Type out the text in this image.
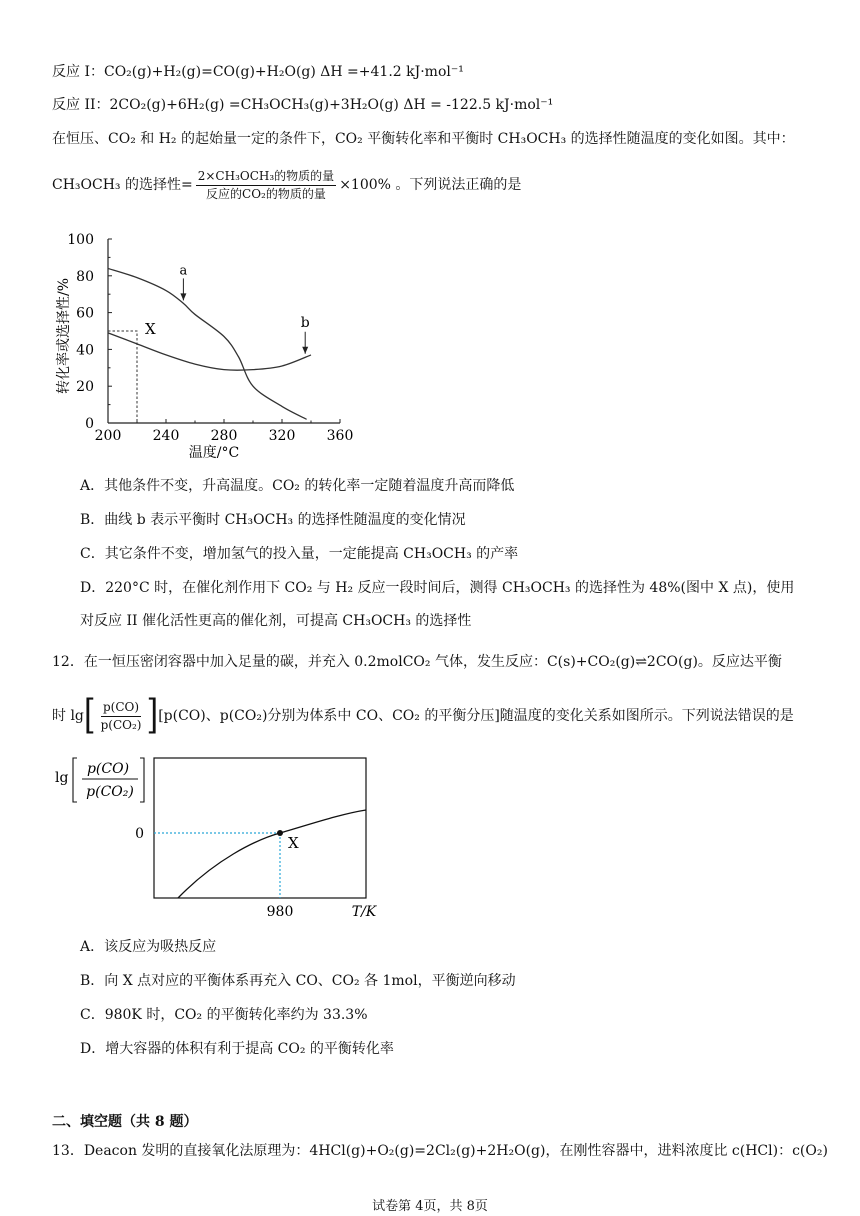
反应 I：CO₂(g)+H₂(g)=CO(g)+H₂O(g) ΔH =+41.2 kJ·mol⁻¹
反应 II：2CO₂(g)+6H₂(g) =CH₃OCH₃(g)+3H₂O(g) ΔH = -122.5 kJ·mol⁻¹
在恒压、CO₂ 和 H₂ 的起始量一定的条件下，CO₂ 平衡转化率和平衡时 CH₃OCH₃ 的选择性随温度的变化如图。其中：
CH₃OCH₃ 的选择性= $\frac{\text{2×CH₃OCH₃的物质的量}}{\text{反应的CO₂的物质的量}} \times 100\%$ 。下列说法正确的是
200 240 280 320 360
0
20
40
60
80
100
温度/°C
转化率或选择性/%
a
b
X
A．其他条件不变，升高温度。CO₂ 的转化率一定随着温度升高而降低
B．曲线 b 表示平衡时 CH₃OCH₃ 的选择性随温度的变化情况
C．其它条件不变，增加氢气的投入量，一定能提高 CH₃OCH₃ 的产率
D．220°C 时，在催化剂作用下 CO₂ 与 H₂ 反应一段时间后，测得 CH₃OCH₃ 的选择性为 48%(图中 X 点)，使用
对反应 II 催化活性更高的催化剂，可提高 CH₃OCH₃ 的选择性
12．在一恒压密闭容器中加入足量的碳，并充入 0.2molCO₂ 气体，发生反应：C(s)+CO₂(g)⇌2CO(g)。反应达平衡
时 lg [ $\frac{p(CO)}{\text{p(CO₂)}}$ ] [p(CO)、p(CO₂)分别为体系中 CO、CO₂ 的平衡分压]随温度的变化关系如图所示。下列说法错误的是
X
0
980	T/K
lg
p(CO)
p(CO₂)
A．该反应为吸热反应
B．向 X 点对应的平衡体系再充入 CO、CO₂ 各 1mol，平衡逆向移动
C．980K 时，CO₂ 的平衡转化率约为 33.3%
D．增大容器的体积有利于提高 CO₂ 的平衡转化率
二、填空题（共 8 题）
13．Deacon 发明的直接氧化法原理为：4HCl(g)+O₂(g)=2Cl₂(g)+2H₂O(g)，在刚性容器中，进料浓度比 c(HCl)：c(O₂)
试卷第 4页，共 8页
